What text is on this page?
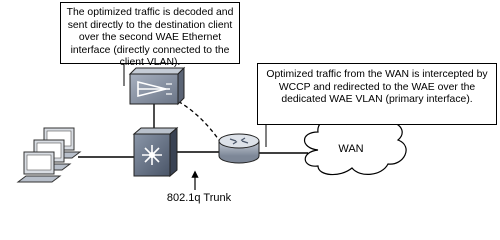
WAN
802.1q Trunk
The optimized traffic is decoded and sent directly to the destination client over the second WAE Ethernet interface (directly connected to the client VLAN).
Optimized traffic from the WAN is intercepted by WCCP and redirected to the WAE over the dedicated WAE VLAN (primary interface).
